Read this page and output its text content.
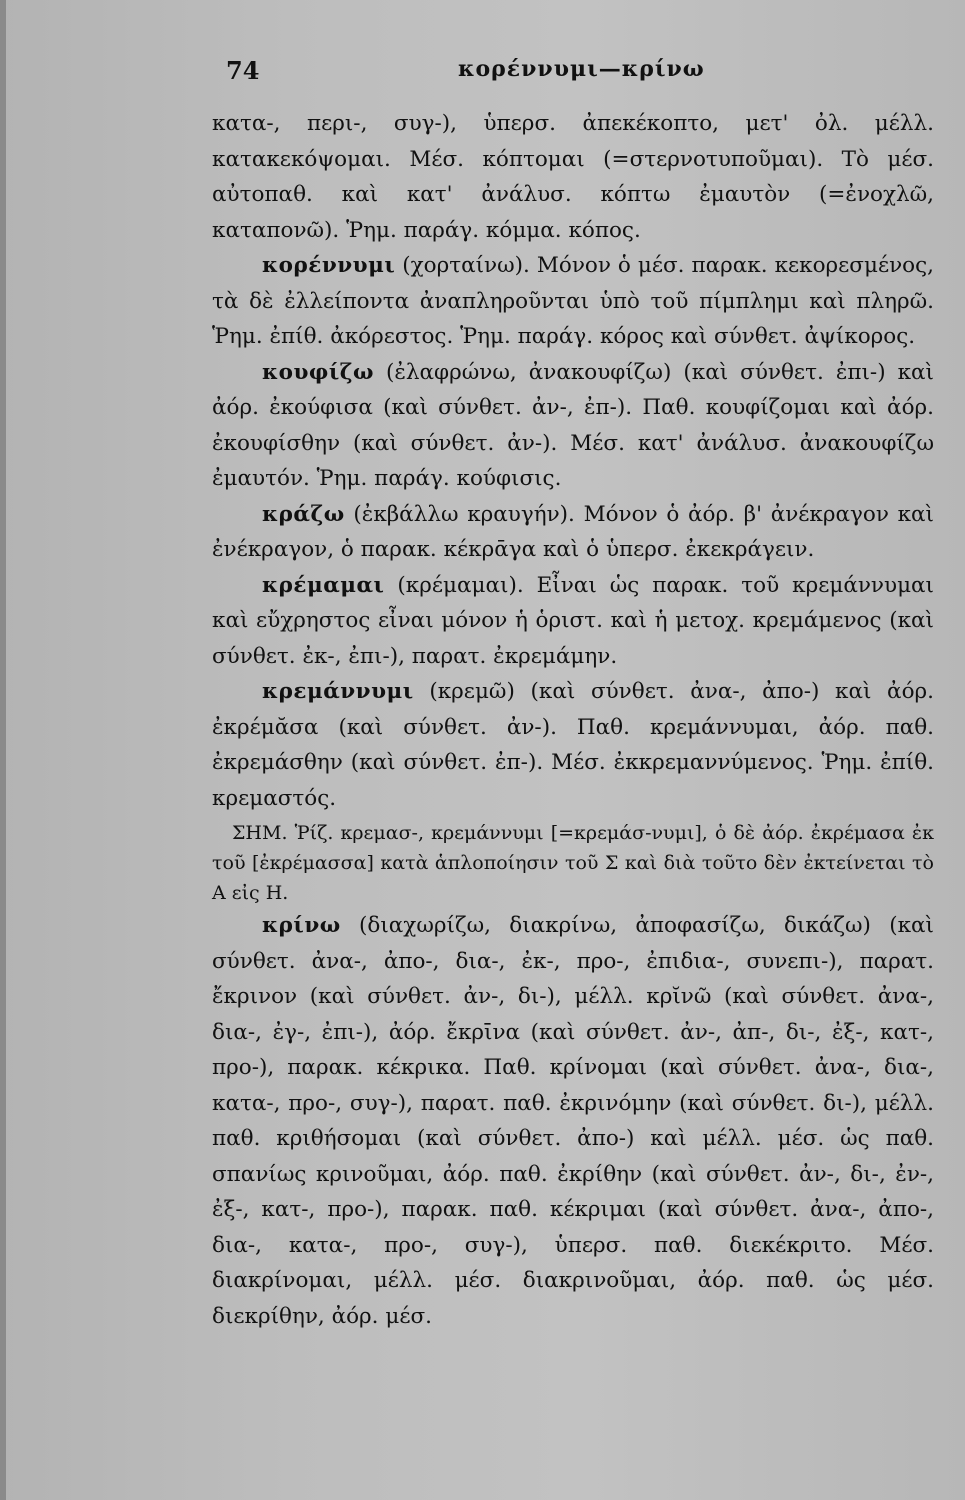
74	κορέννυμι—κρίνω

κατα-, περι-, συγ-), ὑπερσ. ἀπεκέκοπτο, μετ' ὀλ. μέλλ. κατακεκόψομαι. Μέσ. κόπτομαι (=στερνοτυποῦμαι). Τὸ μέσ. αὐτοπαθ. καὶ κατ' ἀνάλυσ. κόπτω ἐμαυτὸν (=ἐνοχλῶ, καταπονῶ). Ῥημ. παράγ. κόμμα. κόπος.

κορέννυμι (χορταίνω). Μόνον ὁ μέσ. παρακ. κεκορεσμένος, τὰ δὲ ἐλλείποντα ἀναπληροῦνται ὑπὸ τοῦ πίμπλημι καὶ πληρῶ. Ῥημ. ἐπίθ. ἀκόρεστος. Ῥημ. παράγ. κόρος καὶ σύνθετ. ἀψίκορος.

κουφίζω (ἐλαφρώνω, ἀνακουφίζω) (καὶ σύνθετ. ἐπι-) καὶ ἀόρ. ἐκούφισα (καὶ σύνθετ. ἀν-, ἐπ-). Παθ. κουφίζομαι καὶ ἀόρ. ἐκουφίσθην (καὶ σύνθετ. ἀν-). Μέσ. κατ' ἀνάλυσ. ἀνακουφίζω ἐμαυτόν. Ῥημ. παράγ. κούφισις.

κράζω (ἐκβάλλω κραυγήν). Μόνον ὁ ἀόρ. β' ἀνέκραγον καὶ ἐνέκραγον, ὁ παρακ. κέκρᾱγα καὶ ὁ ὑπερσ. ἐκεκράγειν.

κρέμαμαι (κρέμαμαι). Εἶναι ὡς παρακ. τοῦ κρεμάννυμαι καὶ εὔχρηστος εἶναι μόνον ἡ ὁριστ. καὶ ἡ μετοχ. κρεμάμενος (καὶ σύνθετ. ἐκ-, ἐπι-), παρατ. ἐκρεμάμην.

κρεμάννυμι (κρεμῶ) (καὶ σύνθετ. ἀνα-, ἀπο-) καὶ ἀόρ. ἐκρέμᾰσα (καὶ σύνθετ. ἀν-). Παθ. κρεμάννυμαι, ἀόρ. παθ. ἐκρεμάσθην (καὶ σύνθετ. ἐπ-). Μέσ. ἐκκρεμαννύμενος. Ῥημ. ἐπίθ. κρεμαστός.

ΣΗΜ. Ῥίζ. κρεμασ-, κρεμάννυμι [=κρεμάσ-νυμι], ὁ δὲ ἀόρ. ἐκρέμασα ἐκ τοῦ [ἐκρέμασσα] κατὰ ἁπλοποίησιν τοῦ Σ καὶ διὰ τοῦτο δὲν ἐκτείνεται τὸ Α εἰς Η.

κρίνω (διαχωρίζω, διακρίνω, ἀποφασίζω, δικάζω) (καὶ σύνθετ. ἀνα-, ἀπο-, δια-, ἐκ-, προ-, ἐπιδια-, συνεπι-), παρατ. ἔκρινον (καὶ σύνθετ. ἀν-, δι-), μέλλ. κρῐνῶ (καὶ σύνθετ. ἀνα-, δια-, ἐγ-, ἐπι-), ἀόρ. ἔκρῑνα (καὶ σύνθετ. ἀν-, ἀπ-, δι-, ἐξ-, κατ-, προ-), παρακ. κέκρικα. Παθ. κρίνομαι (καὶ σύνθετ. ἀνα-, δια-, κατα-, προ-, συγ-), παρατ. παθ. ἐκρινόμην (καὶ σύνθετ. δι-), μέλλ. παθ. κριθήσομαι (καὶ σύνθετ. ἀπο-) καὶ μέλλ. μέσ. ὡς παθ. σπανίως κρινοῦμαι, ἀόρ. παθ. ἐκρίθην (καὶ σύνθετ. ἀν-, δι-, ἐν-, ἐξ-, κατ-, προ-), παρακ. παθ. κέκριμαι (καὶ σύνθετ. ἀνα-, ἀπο-, δια-, κατα-, προ-, συγ-), ὑπερσ. παθ. διεκέκριτο. Μέσ. διακρίνομαι, μέλλ. μέσ. διακρινοῦμαι, ἀόρ. παθ. ὡς μέσ. διεκρίθην, ἀόρ. μέσ.
